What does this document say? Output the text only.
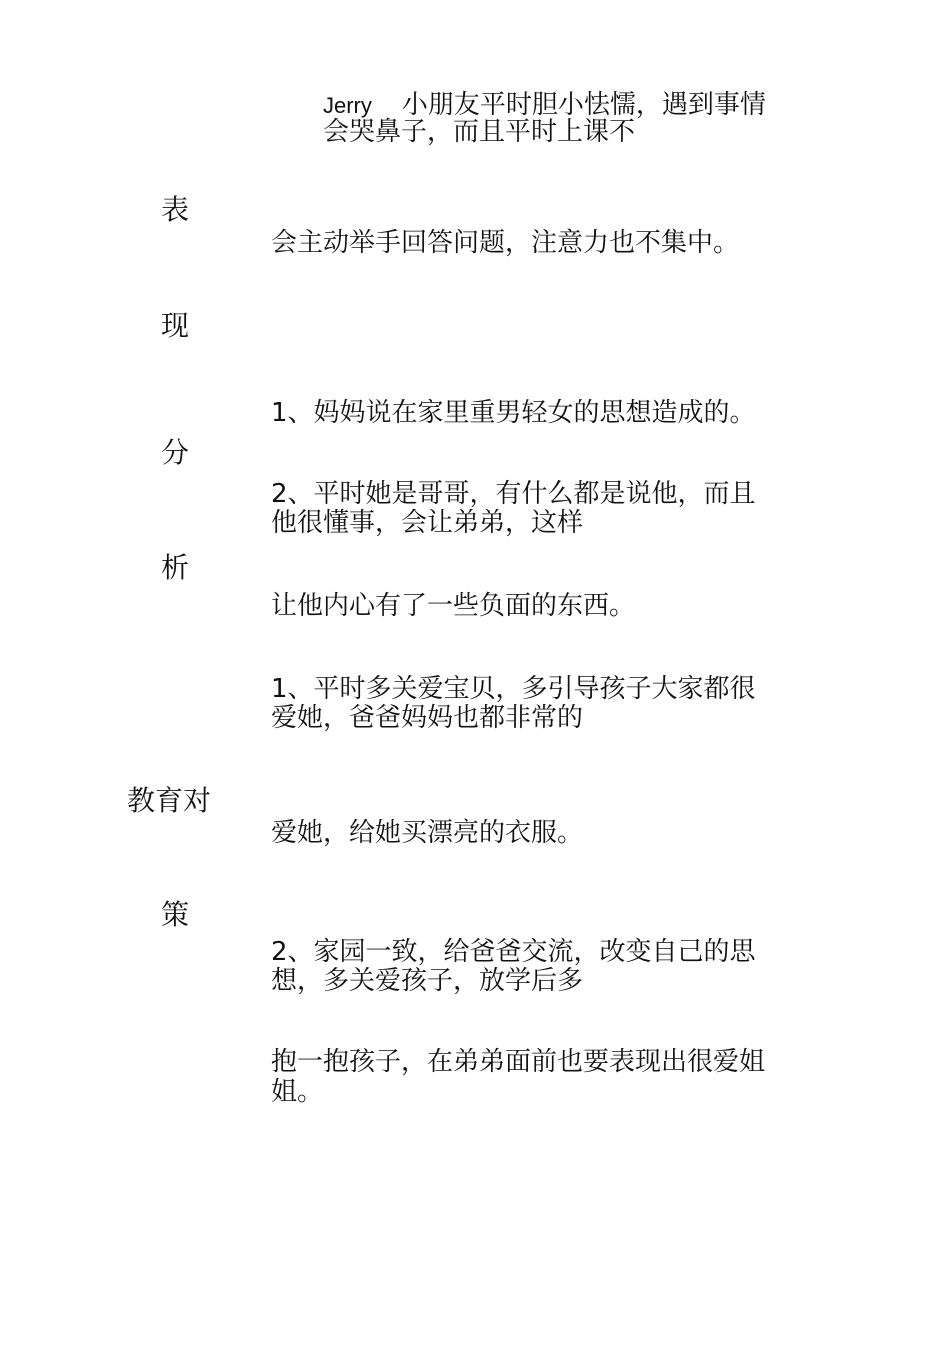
Jerry 小朋友平时胆小怯懦，遇到事情
会哭鼻子，而且平时上课不
表
会主动举手回答问题，注意力也不集中。
现
1、妈妈说在家里重男轻女的思想造成的。
分
2、平时她是哥哥，有什么都是说他，而且
他很懂事，会让弟弟，这样
析
让他内心有了一些负面的东西。
1、平时多关爱宝贝，多引导孩子大家都很
爱她，爸爸妈妈也都非常的
教育对
爱她，给她买漂亮的衣服。
策
2、家园一致，给爸爸交流，改变自己的思
想，多关爱孩子，放学后多
抱一抱孩子，在弟弟面前也要表现出很爱姐
姐。
